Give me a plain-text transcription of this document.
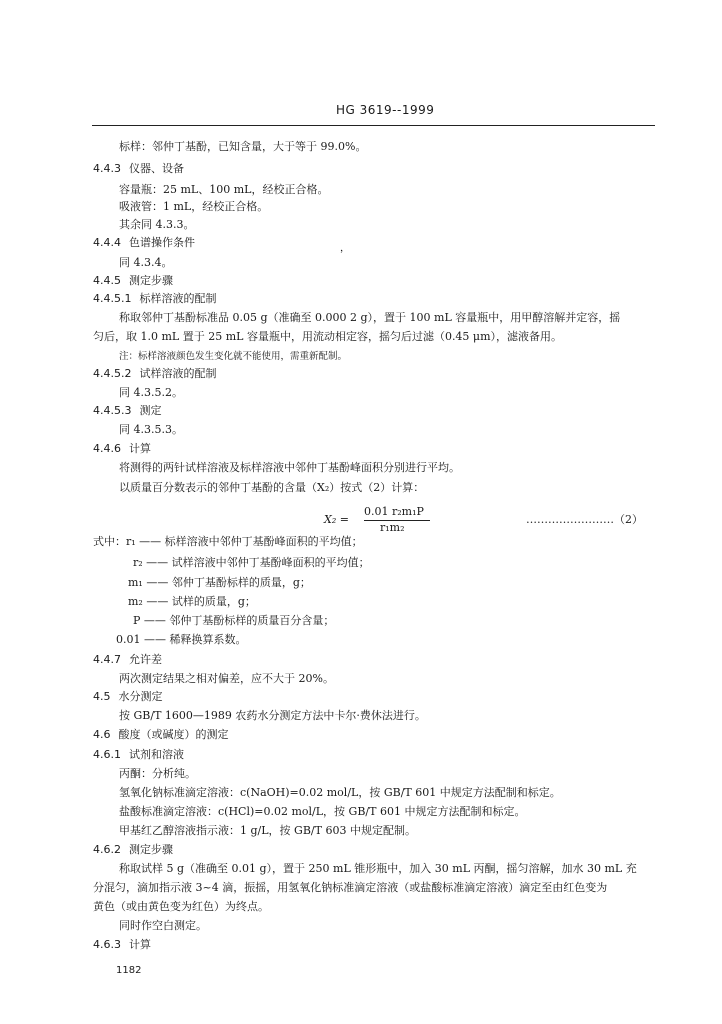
HG 3619--1999
标样：邻仲丁基酚，已知含量，大于等于 99.0%。
4.4.3 仪器、设备
容量瓶：25 mL、100 mL，经校正合格。
吸液管：1 mL，经校正合格。
其余同 4.3.3。
4.4.4 色谱操作条件	，
同 4.3.4。
4.4.5 测定步骤
4.4.5.1 标样溶液的配制
称取邻仲丁基酚标准品 0.05 g（准确至 0.000 2 g），置于 100 mL 容量瓶中，用甲醇溶解并定容，摇
匀后，取 1.0 mL 置于 25 mL 容量瓶中，用流动相定容，摇匀后过滤（0.45 μm），滤液备用。
注：标样溶液颜色发生变化就不能使用，需重新配制。
4.4.5.2 试样溶液的配制
同 4.3.5.2。
4.4.5.3 测定
同 4.3.5.3。
4.4.6 计算
将测得的两针试样溶液及标样溶液中邻仲丁基酚峰面积分别进行平均。
以质量百分数表示的邻仲丁基酚的含量（X₂）按式（2）计算：
X₂ =
0.01 r₂m₁P
r₁m₂
……………………（2）
式中：r₁ —— 标样溶液中邻仲丁基酚峰面积的平均值；
r₂ —— 试样溶液中邻仲丁基酚峰面积的平均值；
m₁ —— 邻仲丁基酚标样的质量，g；
m₂ —— 试样的质量，g；
P —— 邻仲丁基酚标样的质量百分含量；
0.01 —— 稀释换算系数。
4.4.7 允许差
两次测定结果之相对偏差，应不大于 20%。
4.5 水分测定
按 GB/T 1600—1989 农药水分测定方法中卡尔·费休法进行。
4.6 酸度（或碱度）的测定
4.6.1 试剂和溶液
丙酮：分析纯。
氢氧化钠标准滴定溶液：c(NaOH)=0.02 mol/L，按 GB/T 601 中规定方法配制和标定。
盐酸标准滴定溶液：c(HCl)=0.02 mol/L，按 GB/T 601 中规定方法配制和标定。
甲基红乙醇溶液指示液：1 g/L，按 GB/T 603 中规定配制。
4.6.2 测定步骤
称取试样 5 g（准确至 0.01 g），置于 250 mL 锥形瓶中，加入 30 mL 丙酮，摇匀溶解，加水 30 mL 充
分混匀，滴加指示液 3~4 滴，振摇，用氢氧化钠标准滴定溶液（或盐酸标准滴定溶液）滴定至由红色变为
黄色（或由黄色变为红色）为终点。
同时作空白测定。
4.6.3 计算
1182
